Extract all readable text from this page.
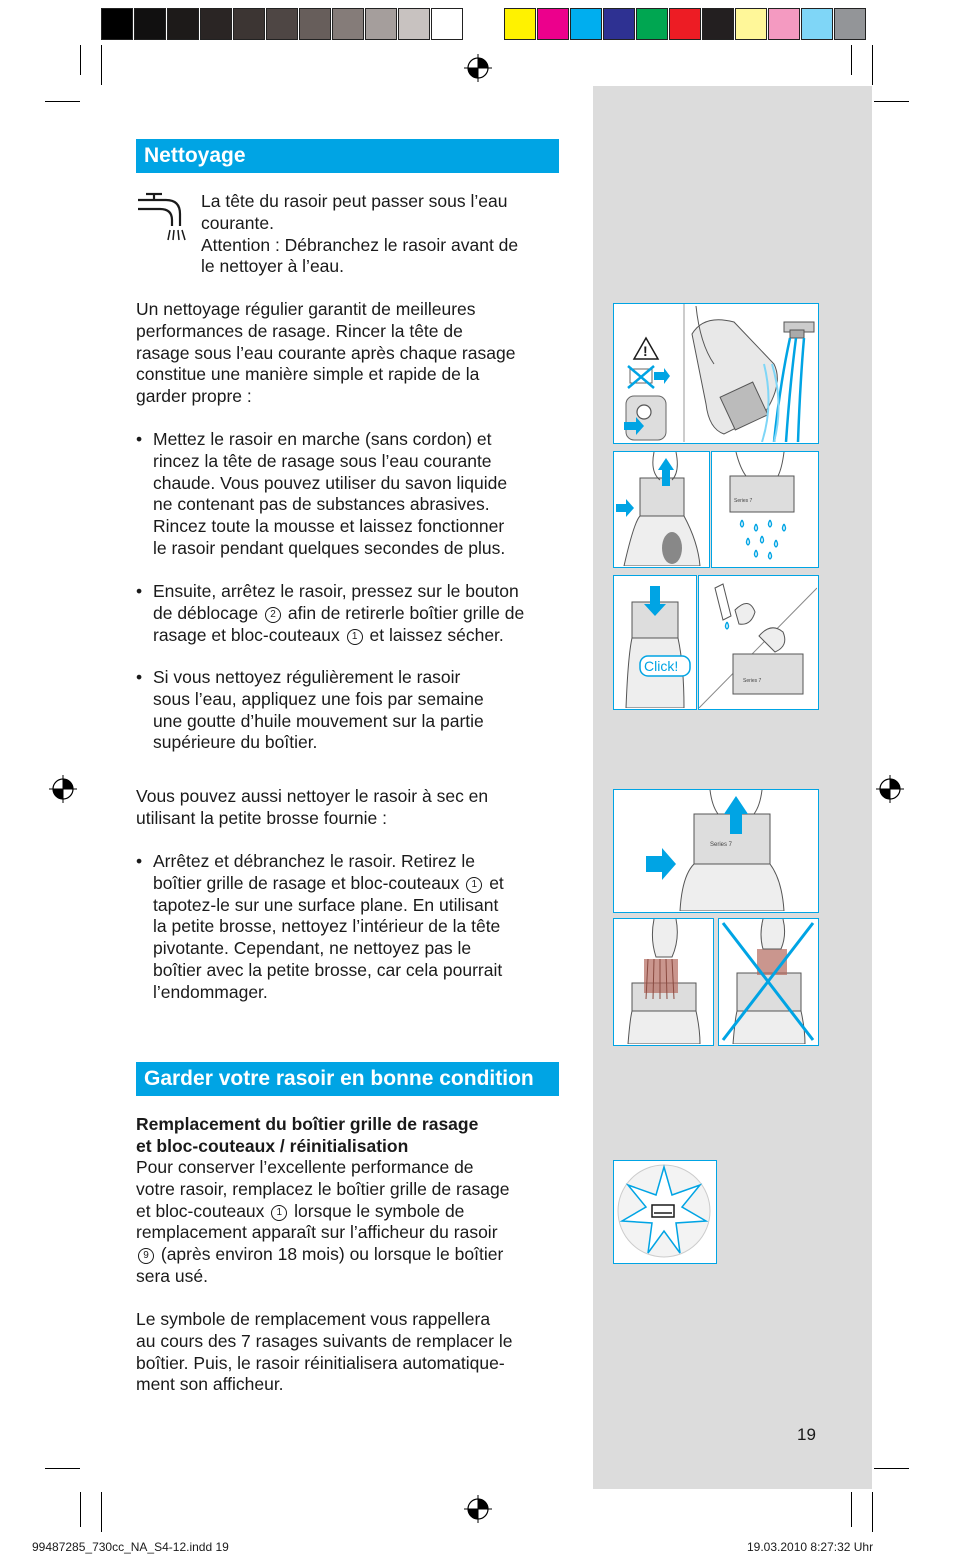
Nettoyage
La tête du rasoir peut passer sous l’eau
courante.
Attention : Débranchez le rasoir avant de
le nettoyer à l’eau.
Un nettoyage régulier garantit de meilleures
performances de rasage. Rincer la tête de
rasage sous l’eau courante après chaque rasage
constitue une manière simple et rapide de la
garder propre :
• Mettez le rasoir en marche (sans cordon) et
rincez la tête de rasage sous l’eau courante
chaude. Vous pouvez utiliser du savon liquide
ne contenant pas de substances abrasives.
Rincez toute la mousse et laissez fonctionner
le rasoir pendant quelques secondes de plus.
• Ensuite, arrêtez le rasoir, pressez sur le bouton
de déblocage 2 afin de retirerle boîtier grille de
rasage et bloc-couteaux 1 et laissez sécher.
• Si vous nettoyez régulièrement le rasoir
sous l’eau, appliquez une fois par semaine
une goutte d’huile mouvement sur la partie
supérieure du boîtier.
Vous pouvez aussi nettoyer le rasoir à sec en
utilisant la petite brosse fournie :
• Arrêtez et débranchez le rasoir. Retirez le
boîtier grille de rasage et bloc-couteaux 1 et
tapotez-le sur une surface plane. En utilisant
la petite brosse, nettoyez l’intérieur de la tête
pivotante. Cependant, ne nettoyez pas le
boîtier avec la petite brosse, car cela pourrait
l’endommager.
Garder votre rasoir en bonne condition
Remplacement du boîtier grille de rasage
et bloc-couteaux / réinitialisation
Pour conserver l’excellente performance de
votre rasoir, remplacez le boîtier grille de rasage
et bloc-couteaux 1 lorsque le symbole de
remplacement apparaît sur l’afficheur du rasoir
9 (après environ 18 mois) ou lorsque le boîtier
sera usé.
Le symbole de remplacement vous rappellera
au cours des 7 rasages suivants de remplacer le
boîtier. Puis, le rasoir réinitialisera automatique-
ment son afficheur.
!
Series 7
Click!
Series 7
Series 7
19
99487285_730cc_NA_S4-12.indd 19	19.03.2010 8:27:32 Uhr
